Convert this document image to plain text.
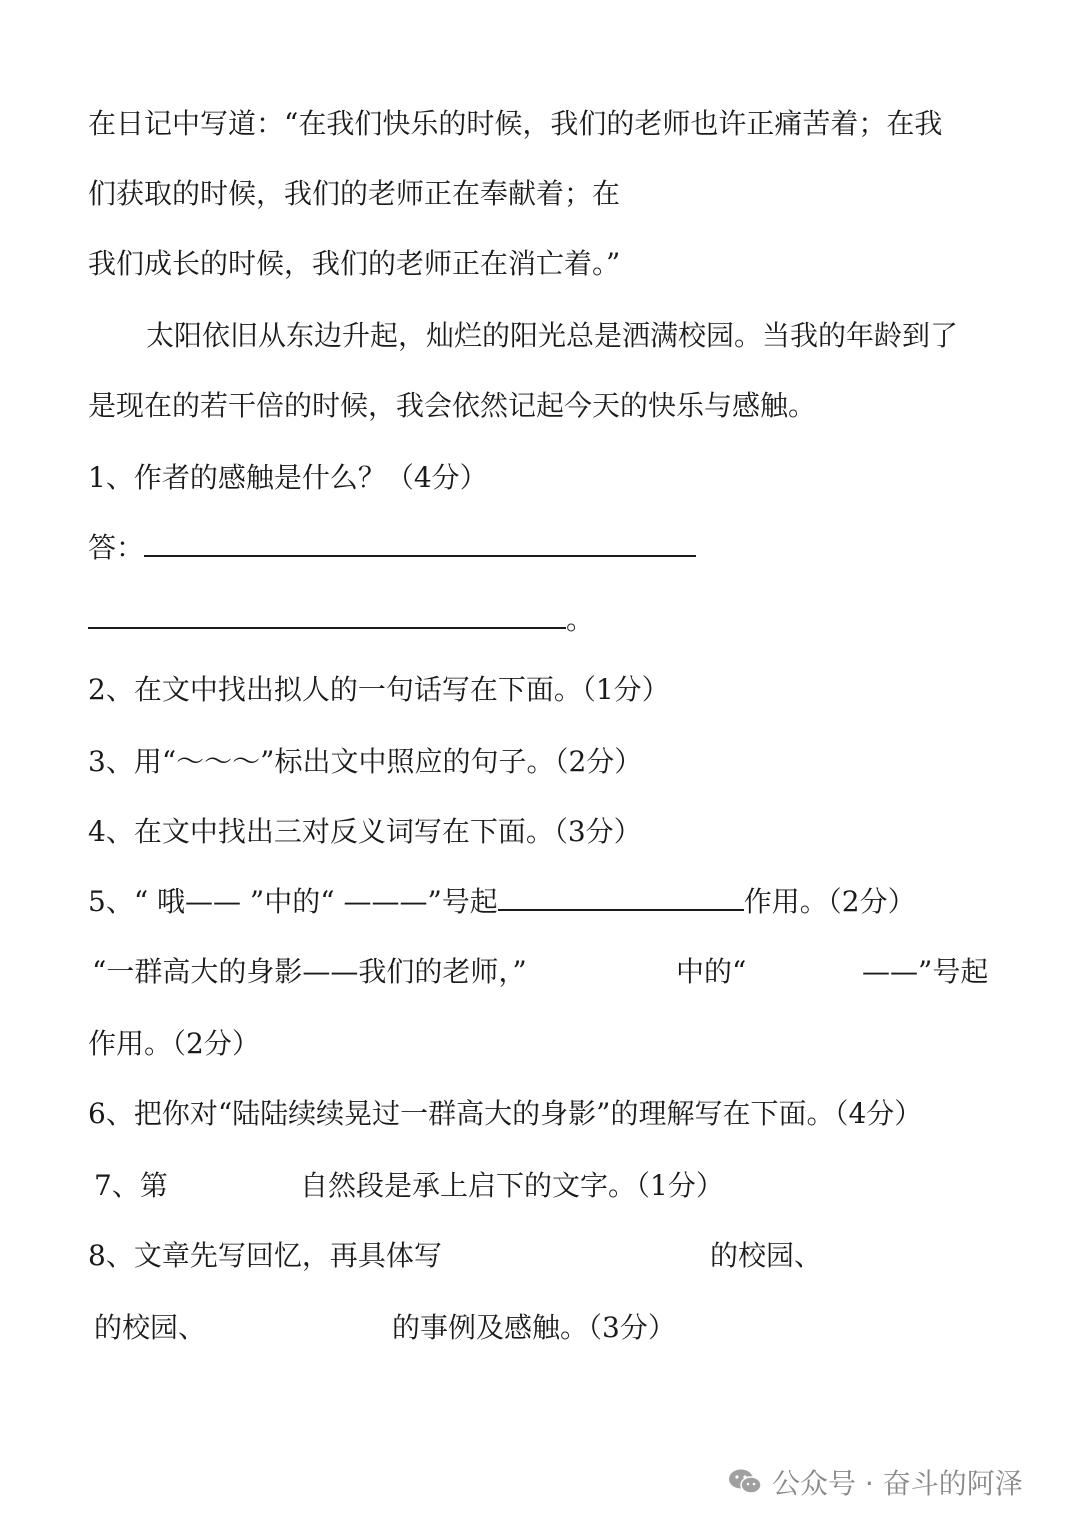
在日记中写道：“在我们快乐的时候，我们的老师也许正痛苦着；在我
们获取的时候，我们的老师正在奉献着；在
我们成长的时候，我们的老师正在消亡着。”
太阳依旧从东边升起，灿烂的阳光总是洒满校园。当我的年龄到了
是现在的若干倍的时候，我会依然记起今天的快乐与感触。
1、作者的感触是什么？（4分）
答：
。
2、在文中找出拟人的一句话写在下面。（1分）
3、用“～～～”标出文中照应的句子。（2分）
4、在文中找出三对反义词写在下面。（3分）
5、“ 哦—— ”中的“ ———”号起	作用。（2分）
“一群高大的身影——我们的老师，”	中的“	——”号起
作用。（2分）
6、把你对“陆陆续续晃过一群高大的身影”的理解写在下面。（4分）
7、第	自然段是承上启下的文字。（1分）
8、文章先写回忆，再具体写	的校园、
的校园、	的事例及感触。（3分）
公众号 · 奋斗的阿泽
